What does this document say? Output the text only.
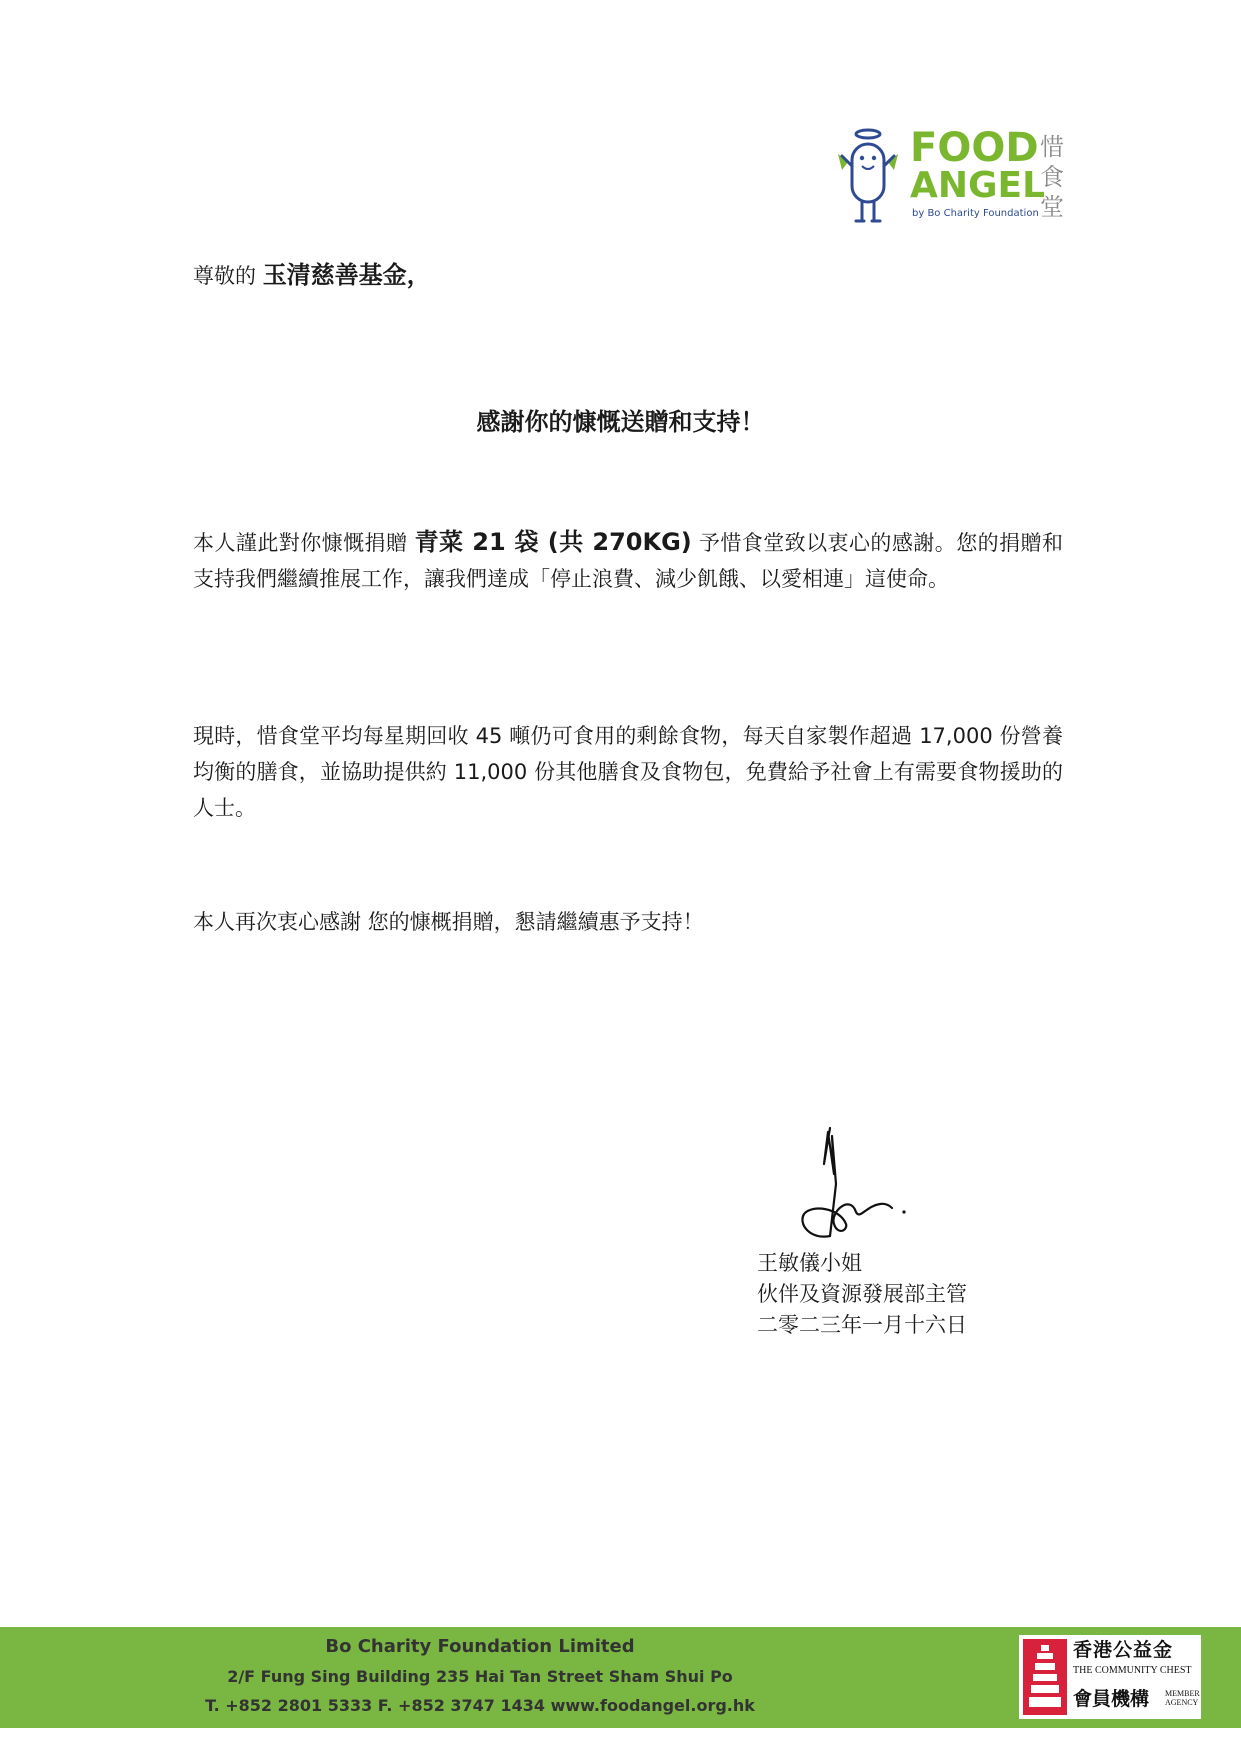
FOOD
ANGEL
by Bo Charity Foundation
惜食堂
尊敬的 玉清慈善基金，
感謝你的慷慨送贈和支持！
本人謹此對你慷慨捐贈 青菜 21 袋 (共 270KG) 予惜食堂致以衷心的感謝。您的捐贈和支持我們繼續推展工作，讓我們達成「停止浪費、減少飢餓、以愛相連」這使命。
現時，惜食堂平均每星期回收 45 噸仍可食用的剩餘食物，每天自家製作超過 17,000 份營養均衡的膳食，並協助提供約 11,000 份其他膳食及食物包，免費給予社會上有需要食物援助的人士。
本人再次衷心感謝 您的慷概捐贈，懇請繼續惠予支持！
王敏儀小姐
伙伴及資源發展部主管
二零二三年一月十六日
Bo Charity Foundation Limited
2/F Fung Sing Building 235 Hai Tan Street Sham Shui Po
T. +852 2801 5333 F. +852 3747 1434 www.foodangel.org.hk
香港公益金
THE COMMUNITY CHEST
會員機構 MEMBER AGENCY
